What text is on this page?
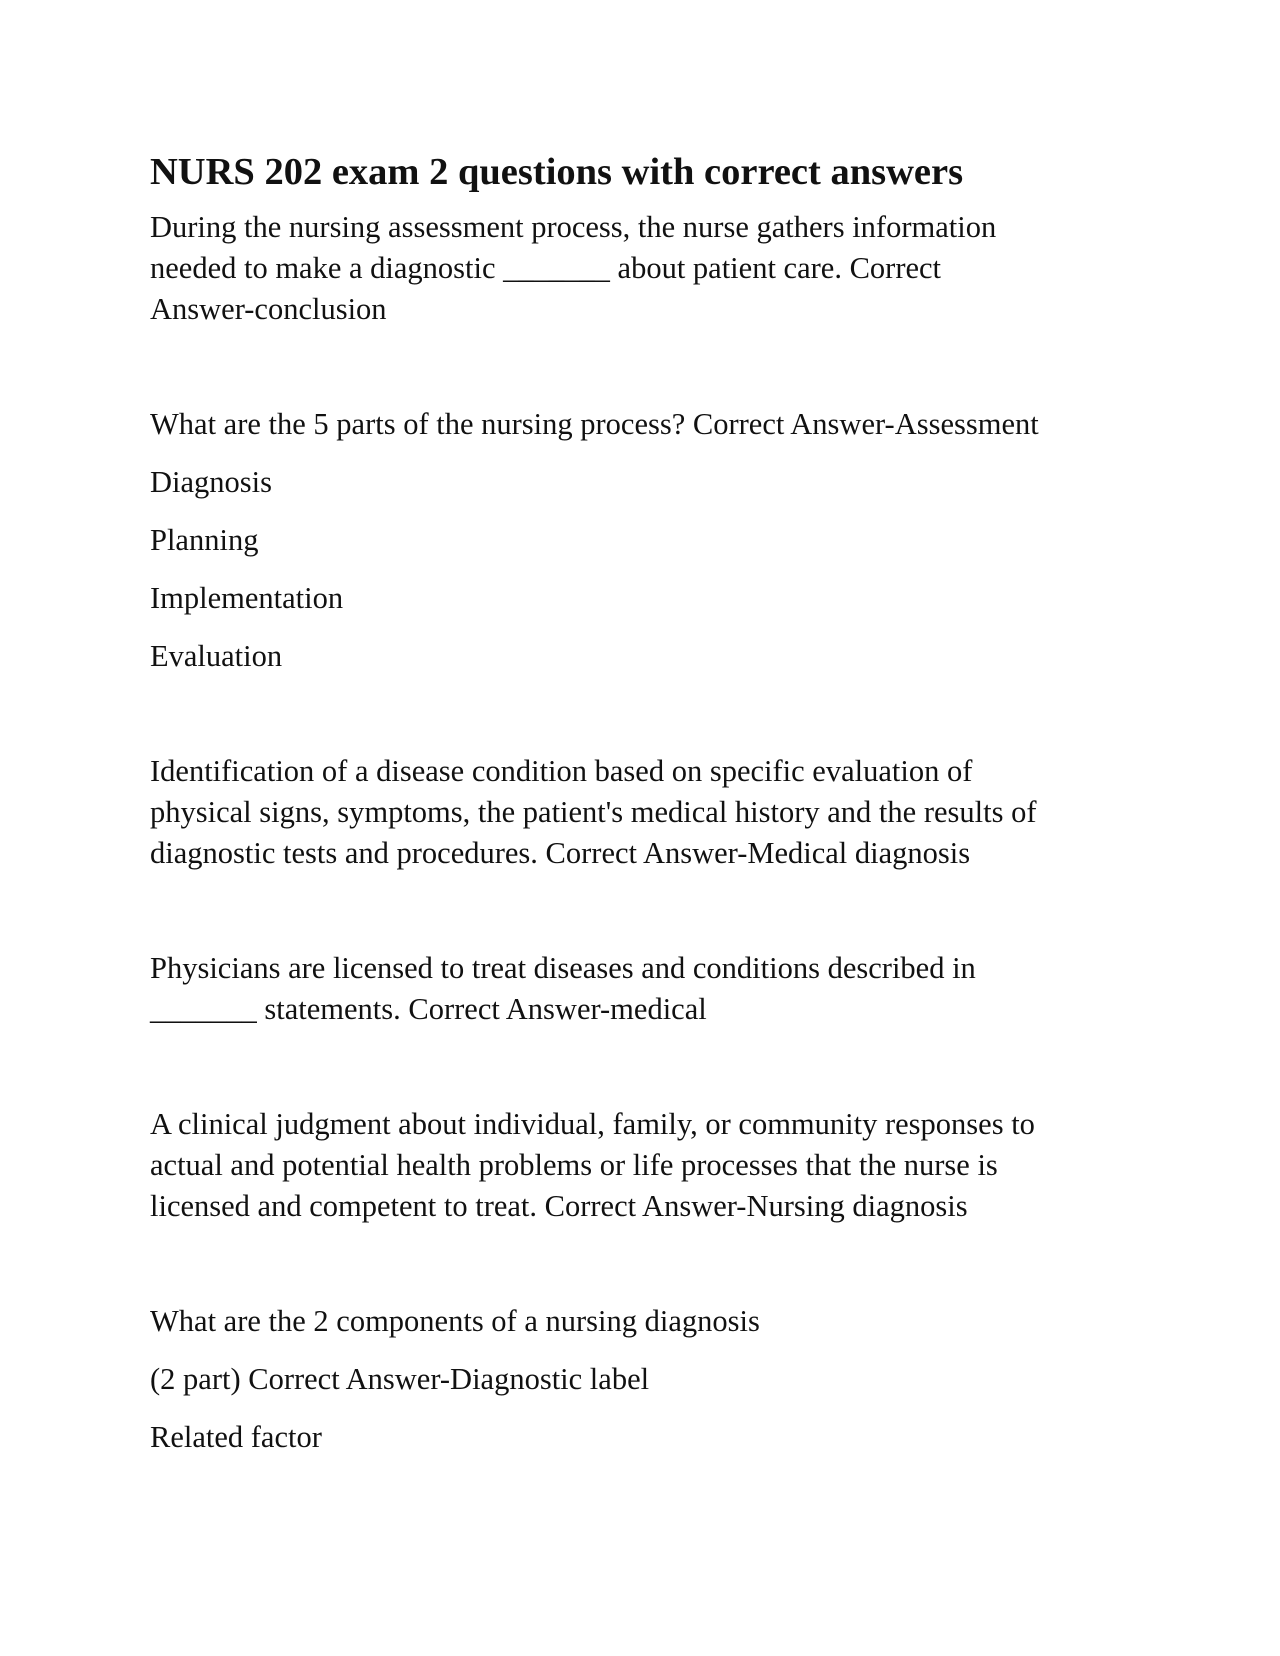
NURS 202 exam 2 questions with correct answers

During the nursing assessment process, the nurse gathers information
needed to make a diagnostic _______ about patient care. Correct
Answer-conclusion

What are the 5 parts of the nursing process? Correct Answer-Assessment

Diagnosis

Planning

Implementation

Evaluation

Identification of a disease condition based on specific evaluation of
physical signs, symptoms, the patient's medical history and the results of
diagnostic tests and procedures. Correct Answer-Medical diagnosis

Physicians are licensed to treat diseases and conditions described in
_______ statements. Correct Answer-medical

A clinical judgment about individual, family, or community responses to
actual and potential health problems or life processes that the nurse is
licensed and competent to treat. Correct Answer-Nursing diagnosis

What are the 2 components of a nursing diagnosis

(2 part) Correct Answer-Diagnostic label

Related factor
